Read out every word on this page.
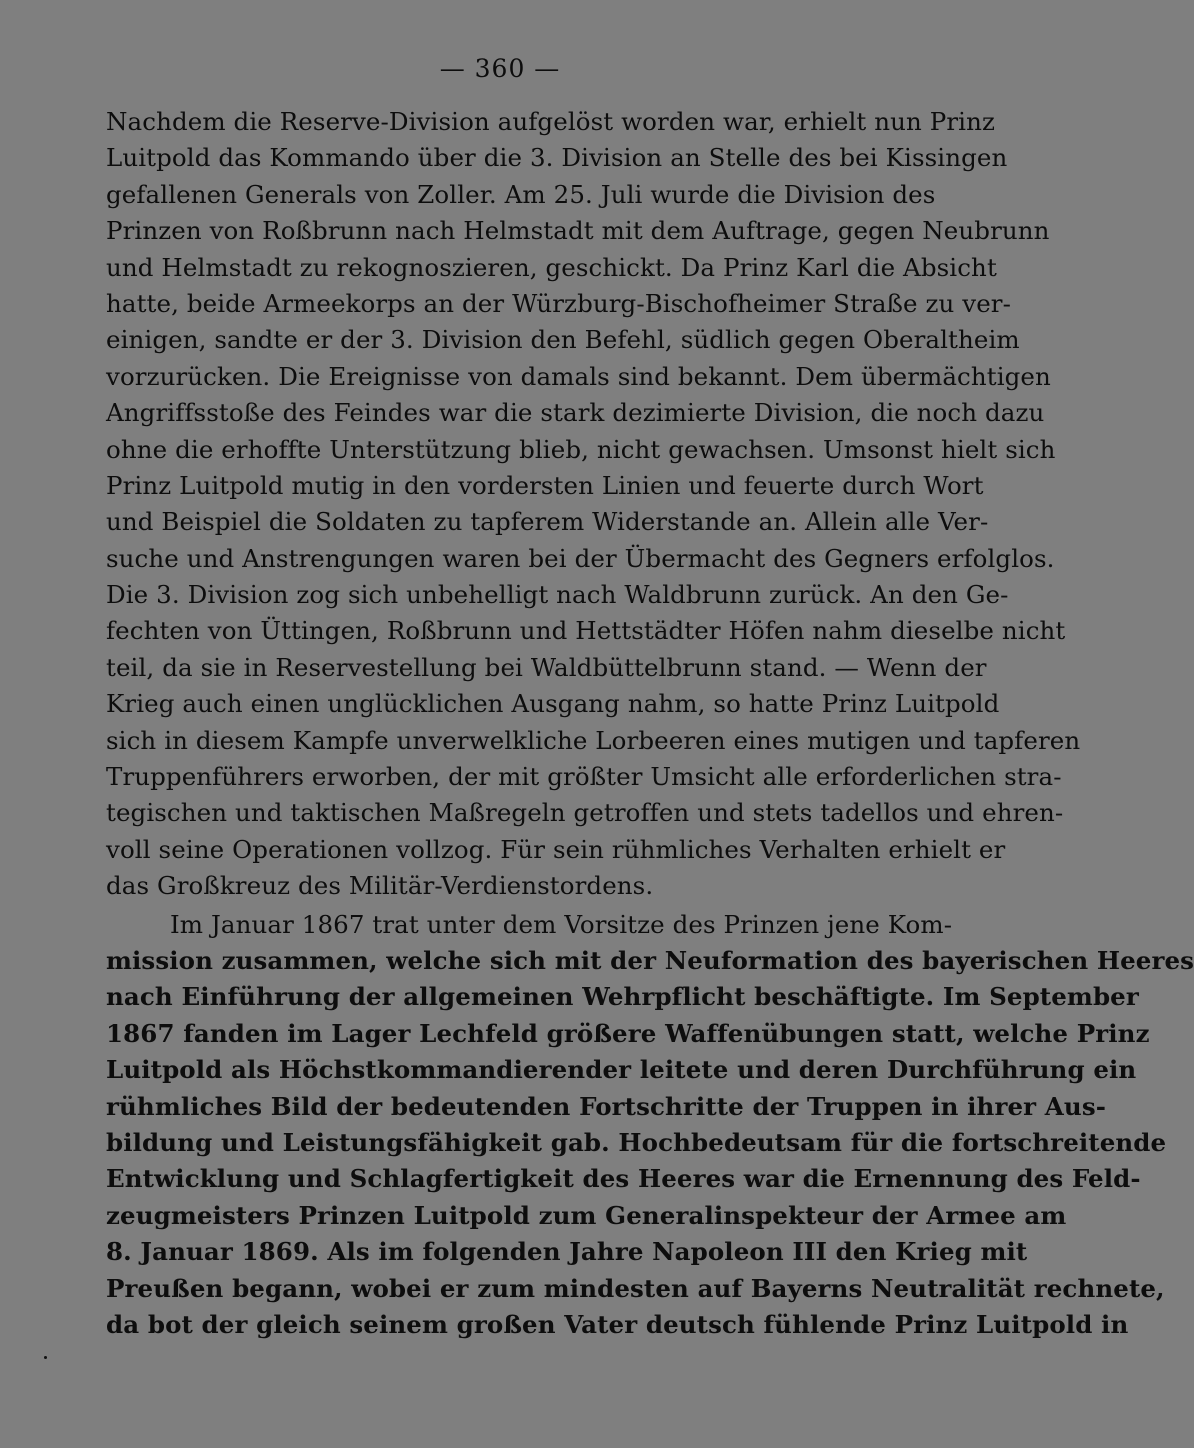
— 360 —
Nachdem die Reserve-Division aufgelöst worden war, erhielt nun Prinz
Luitpold das Kommando über die 3. Division an Stelle des bei Kissingen
gefallenen Generals von Zoller. Am 25. Juli wurde die Division des
Prinzen von Roßbrunn nach Helmstadt mit dem Auftrage, gegen Neubrunn
und Helmstadt zu rekognoszieren, geschickt. Da Prinz Karl die Absicht
hatte, beide Armeekorps an der Würzburg-Bischofheimer Straße zu ver-
einigen, sandte er der 3. Division den Befehl, südlich gegen Oberaltheim
vorzurücken. Die Ereignisse von damals sind bekannt. Dem übermächtigen
Angriffsstoße des Feindes war die stark dezimierte Division, die noch dazu
ohne die erhoffte Unterstützung blieb, nicht gewachsen. Umsonst hielt sich
Prinz Luitpold mutig in den vordersten Linien und feuerte durch Wort
und Beispiel die Soldaten zu tapferem Widerstande an. Allein alle Ver-
suche und Anstrengungen waren bei der Übermacht des Gegners erfolglos.
Die 3. Division zog sich unbehelligt nach Waldbrunn zurück. An den Ge-
fechten von Üttingen, Roßbrunn und Hettstädter Höfen nahm dieselbe nicht
teil, da sie in Reservestellung bei Waldbüttelbrunn stand. — Wenn der
Krieg auch einen unglücklichen Ausgang nahm, so hatte Prinz Luitpold
sich in diesem Kampfe unverwelkliche Lorbeeren eines mutigen und tapferen
Truppenführers erworben, der mit größter Umsicht alle erforderlichen stra-
tegischen und taktischen Maßregeln getroffen und stets tadellos und ehren-
voll seine Operationen vollzog. Für sein rühmliches Verhalten erhielt er
das Großkreuz des Militär-Verdienstordens.
Im Januar 1867 trat unter dem Vorsitze des Prinzen jene Kom-
mission zusammen, welche sich mit der Neuformation des bayerischen Heeres
nach Einführung der allgemeinen Wehrpflicht beschäftigte. Im September
1867 fanden im Lager Lechfeld größere Waffenübungen statt, welche Prinz
Luitpold als Höchstkommandierender leitete und deren Durchführung ein
rühmliches Bild der bedeutenden Fortschritte der Truppen in ihrer Aus-
bildung und Leistungsfähigkeit gab. Hochbedeutsam für die fortschreitende
Entwicklung und Schlagfertigkeit des Heeres war die Ernennung des Feld-
zeugmeisters Prinzen Luitpold zum Generalinspekteur der Armee am
8. Januar 1869. Als im folgenden Jahre Napoleon III den Krieg mit
Preußen begann, wobei er zum mindesten auf Bayerns Neutralität rechnete,
da bot der gleich seinem großen Vater deutsch fühlende Prinz Luitpold in
